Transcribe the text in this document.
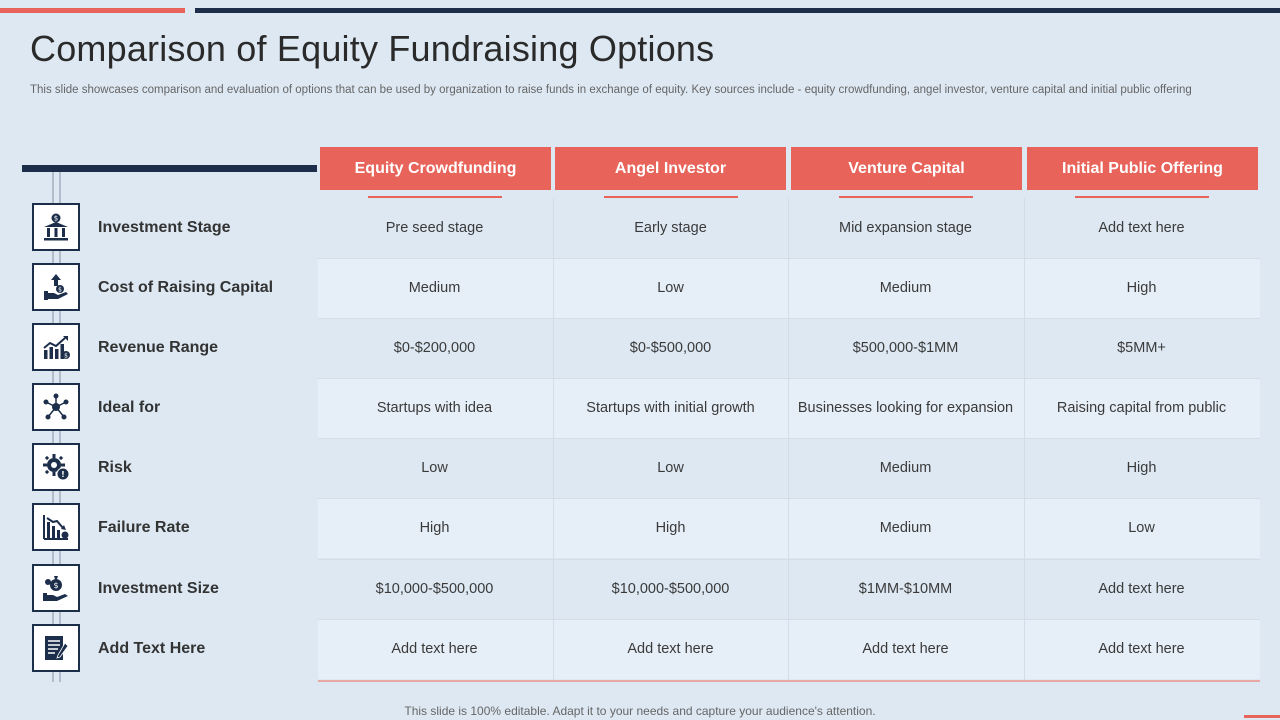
Comparison of Equity Fundraising Options
This slide showcases comparison and evaluation of options that can be used by organization to raise funds in exchange of equity. Key sources include - equity crowdfunding, angel investor, venture capital and initial public offering
Equity Crowdfunding	Angel Investor	Venture Capital	Initial Public Offering
$
Investment Stage	Pre seed stage	Early stage	Mid expansion stage	Add text here
$ Cost of Raising Capital	Medium	Low	Medium	High
$ Revenue Range	$0-$200,000	$0-$500,000	$500,000-$1MM	$5MM+
Ideal for	Startups with idea	Startups with initial growth	Businesses looking for expansion	Raising capital from public
! Risk	Low	Low	Medium	High
Failure Rate	High	High	Medium	Low
$ Investment Size	$10,000-$500,000	$10,000-$500,000	$1MM-$10MM	Add text here
Add Text Here	Add text here	Add text here	Add text here	Add text here
This slide is 100% editable. Adapt it to your needs and capture your audience's attention.
